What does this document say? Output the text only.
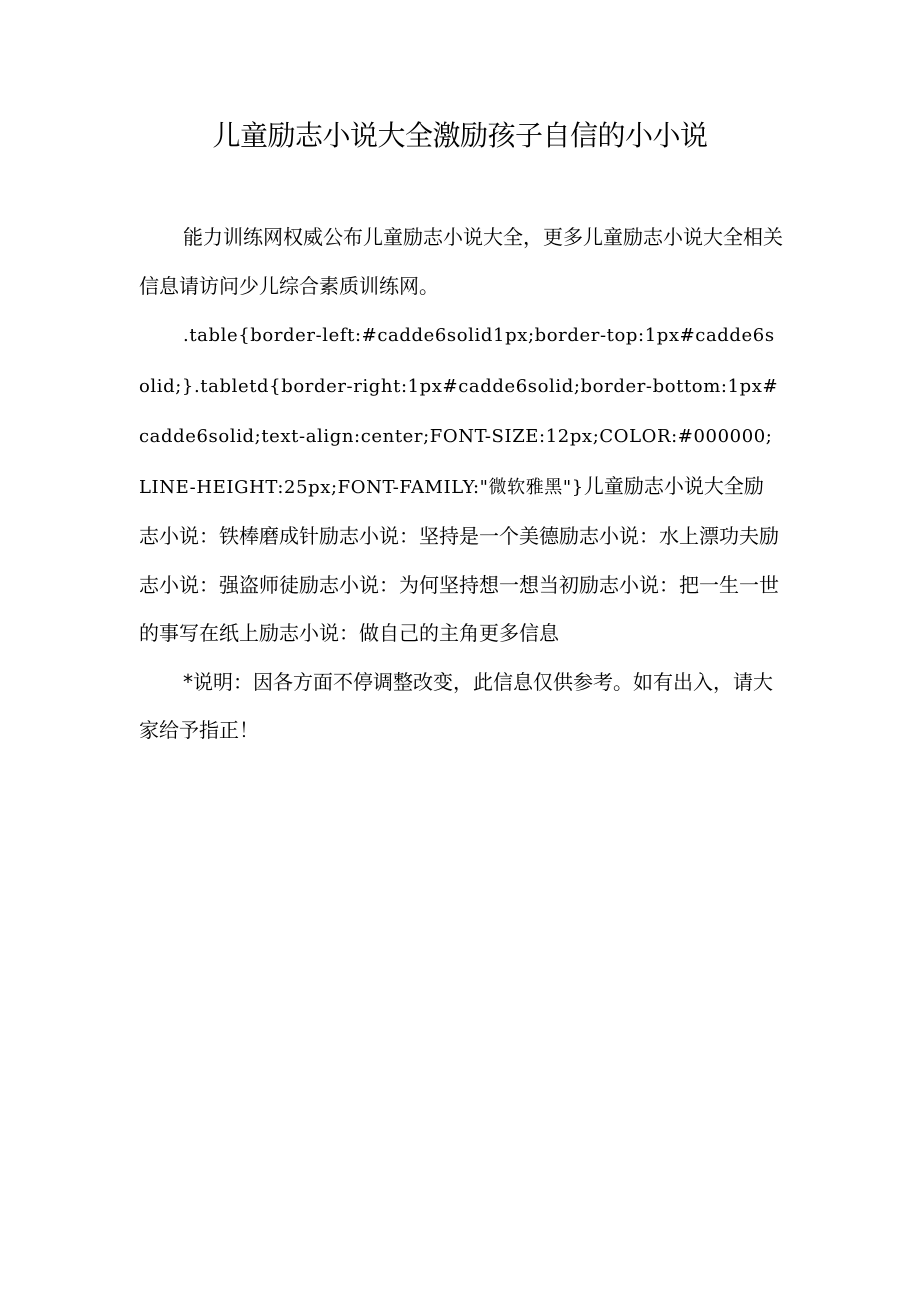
儿童励志小说大全激励孩子自信的小小说

能力训练网权威公布儿童励志小说大全，更多儿童励志小说大全相关信息请访问少儿综合素质训练网。

.table{border-left:#cadde6solid1px;border-top:1px#cadde6solid;}.tabletd{border-right:1px#cadde6solid;border-bottom:1px#cadde6solid;text-align:center;FONT-SIZE:12px;COLOR:#000000;LINE-HEIGHT:25px;FONT-FAMILY:"微软雅黑"}儿童励志小说大全励志小说：铁棒磨成针励志小说：坚持是一个美德励志小说：水上漂功夫励志小说：强盗师徒励志小说：为何坚持想一想当初励志小说：把一生一世的事写在纸上励志小说：做自己的主角更多信息

*说明：因各方面不停调整改变，此信息仅供参考。如有出入，请大家给予指正！
